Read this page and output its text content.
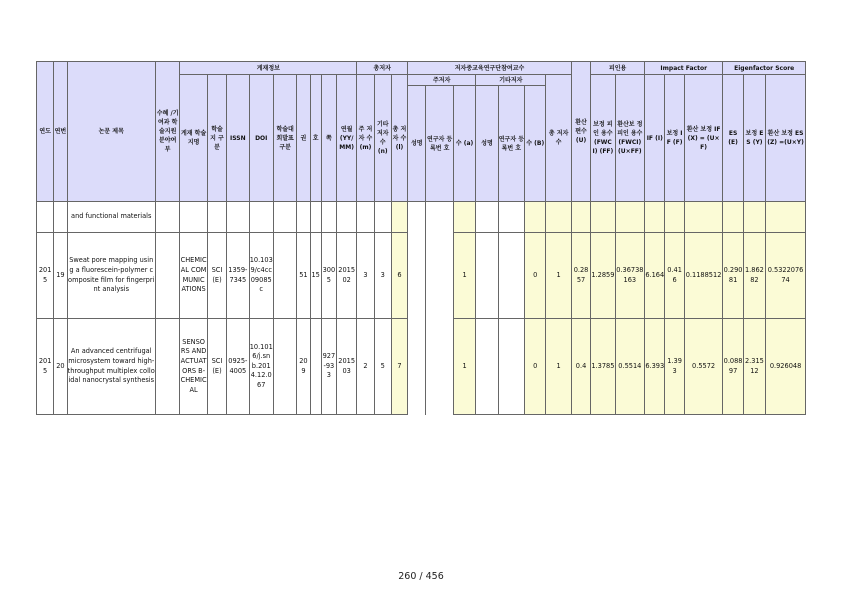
연도	연번	논문 제목	수혜 /기여과 학술지원 분야여 부	게재정보									총저자			저자중교육연구단참여교수							환산 편수 (U)	피인용		Impact Factor			Eigenfactor Score		
				게재 학술지명	학술 지 구분	ISSN	DOI	학술대 회발표 구분	권	호	쪽	연월 (YY/ MM)	주 저자 수 (m)	기타 저자 수 (n)	총 저자 수 (l)	주저자			기타저자			총 저자 수		보정 피인 용수 (FWC I) (FF)	환산보 정피인 용수 (FWCI) (U×FF)	IF (I)	보정 IF (F)	환산 보정 IF(X) = (U×F)	ES (E)	보정 ES (Y)	환산 보정 ES(Z) =(U×Y)
																성명	연구자 등록번 호	수 (a)	성명	연구자 등록번 호	수 (B)										
		and functional materials																													
2015	19	Sweat pore mapping using a fluorescein-polymer composite film for fingerprint analysis		CHEMICAL COMMUNICATIONS	SCI(E)	1359-7345	10.1039/c4cc09085c		51	15	3005	201502	3	3	6			1			0	1	0.2857	1.2859	0.36738163	6.164	0.416	0.1188512	0.29081	1.86282	0.532207674
2015	20	An advanced centrifugal microsystem toward high-throughput multiplex colloidal nanocrystal synthesis		SENSORS AND ACTUATORS B-CHEMICAL	SCI(E)	0925-4005	10.1016/j.snb.2014.12.067		209		927-933	201503	2	5	7			1			0	1	0.4	1.3785	0.5514	6.393	1.393	0.5572	0.08897	2.31512	0.926048
260 / 456
